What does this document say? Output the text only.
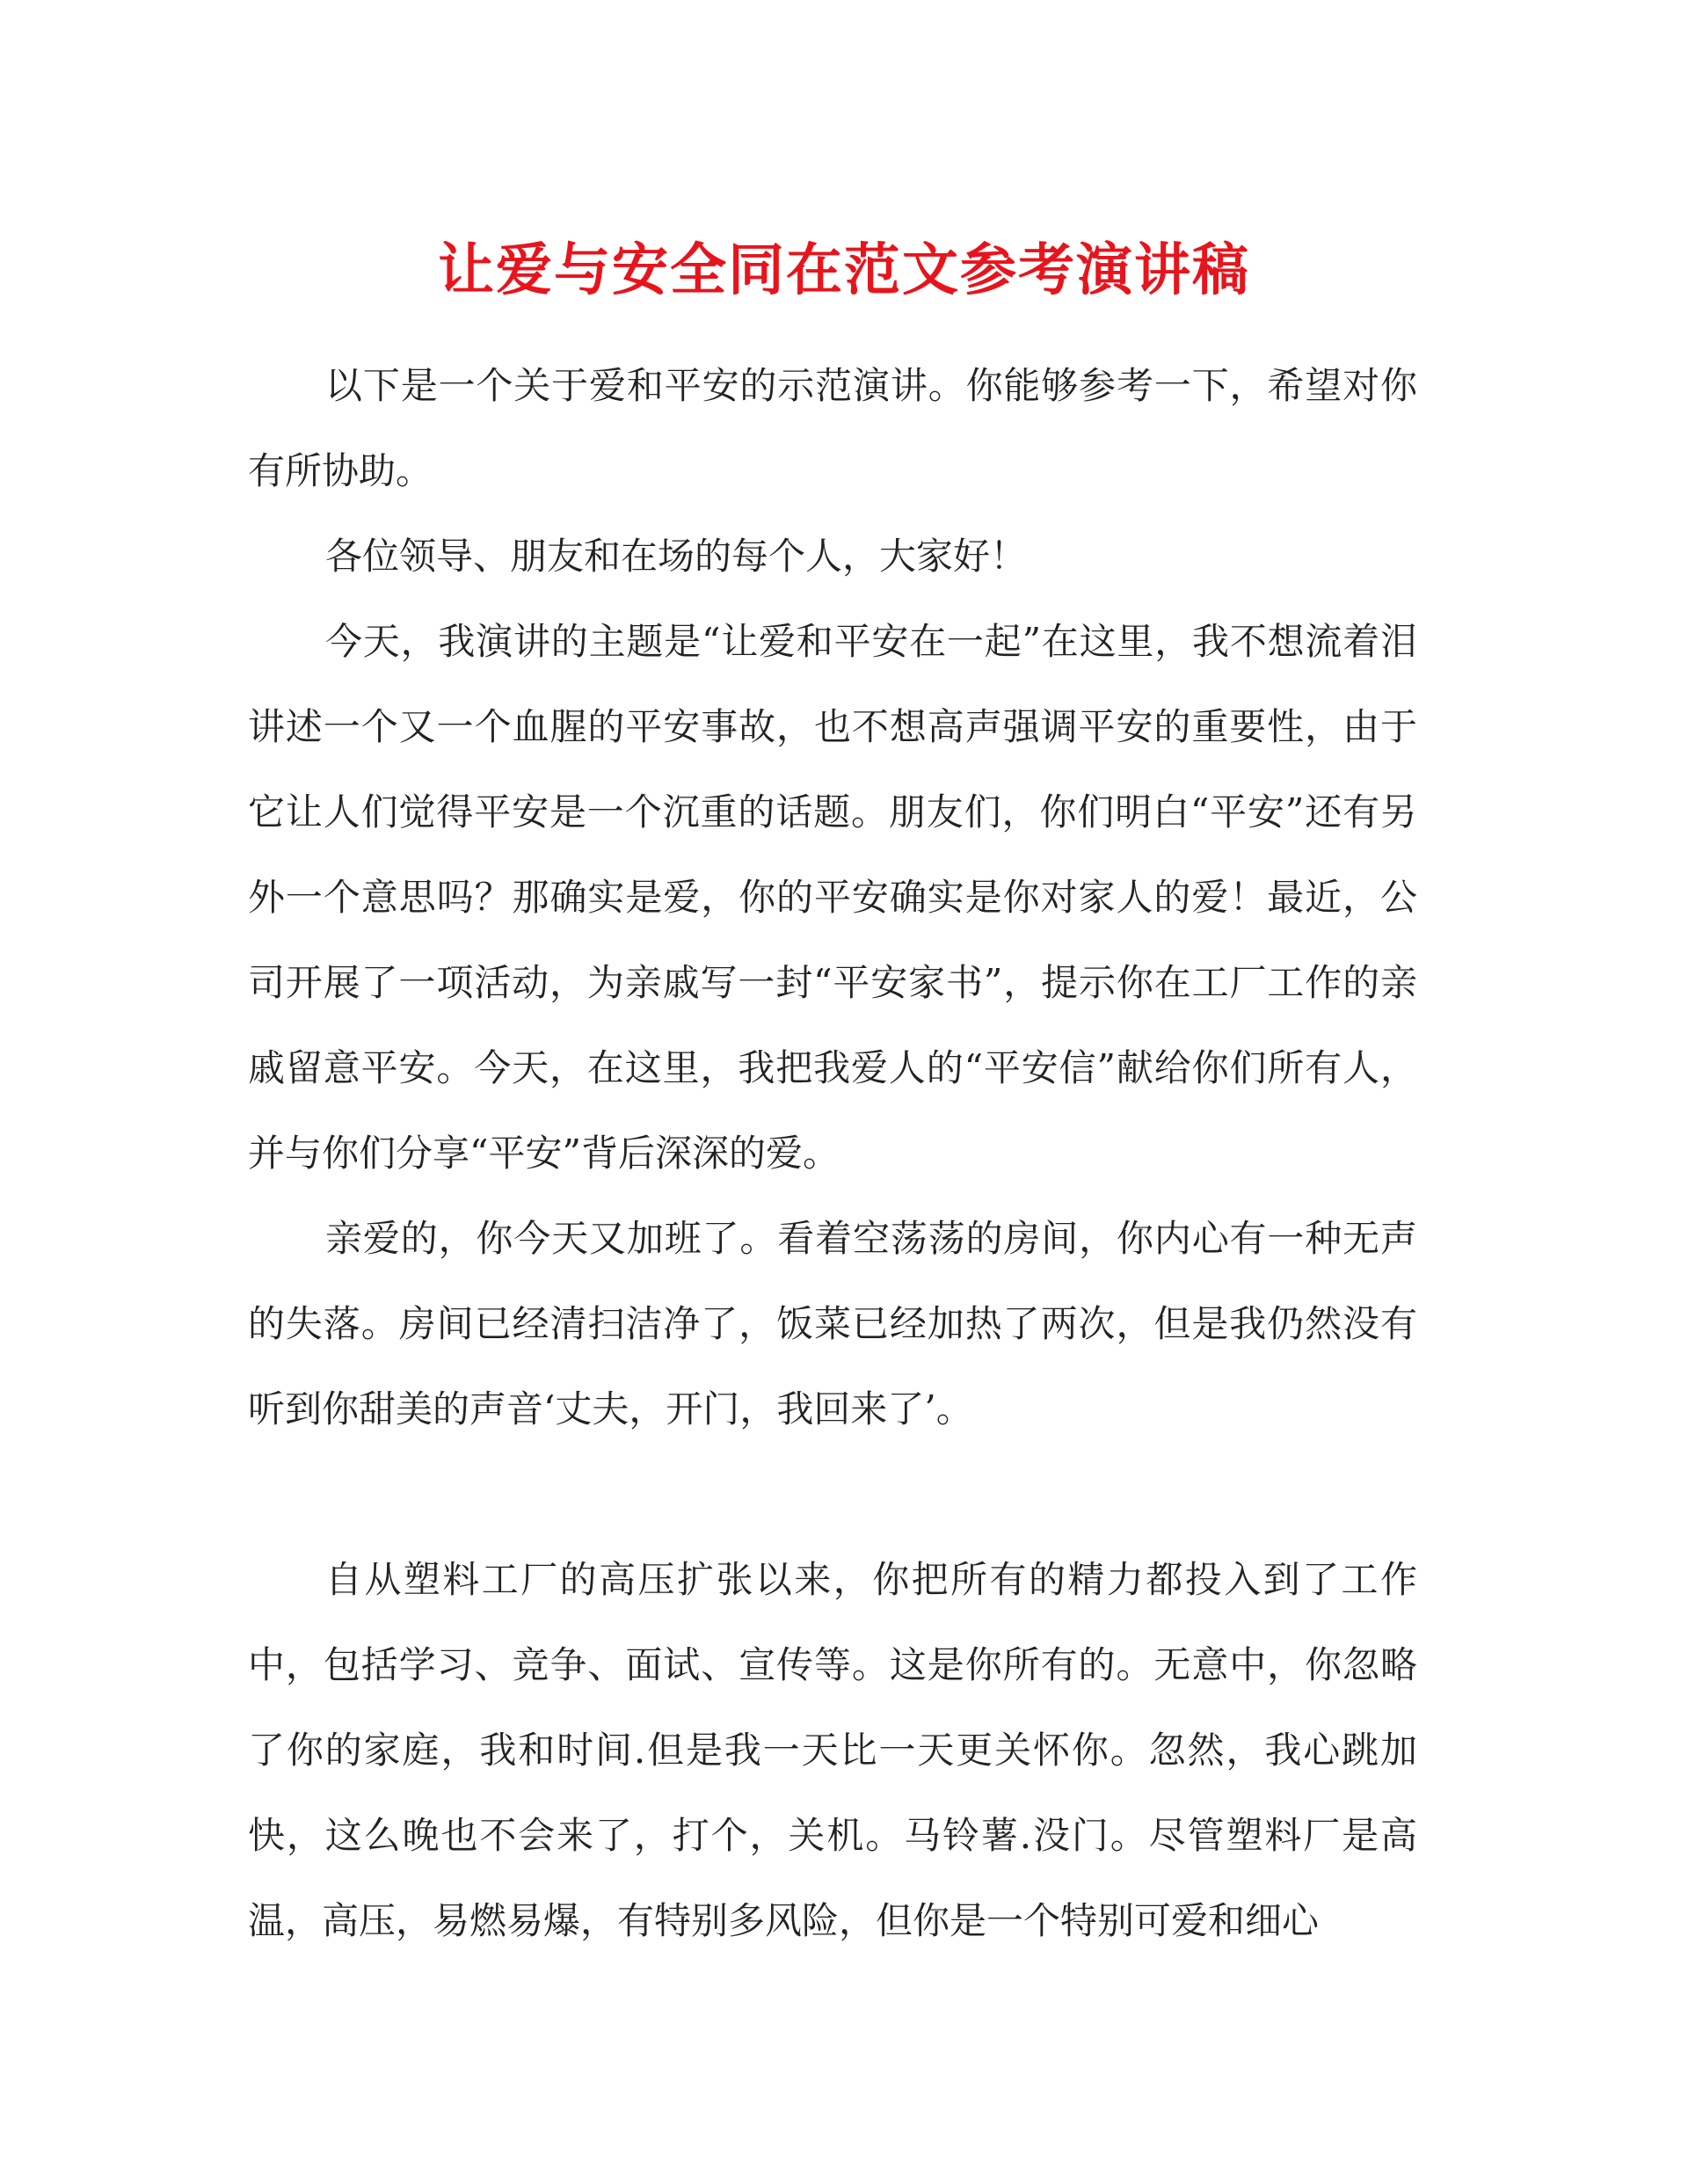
让爱与安全同在范文参考演讲稿

以下是一个关于爱和平安的示范演讲。你能够参考一下，希望对你有所协助。

各位领导、朋友和在场的每个人，大家好！

今天，我演讲的主题是“让爱和平安在一起”在这里，我不想流着泪讲述一个又一个血腥的平安事故，也不想高声强调平安的重要性，由于它让人们觉得平安是一个沉重的话题。朋友们，你们明白“平安”还有另外一个意思吗？那确实是爱，你的平安确实是你对家人的爱！最近，公司开展了一项活动，为亲戚写一封“平安家书”，提示你在工厂工作的亲戚留意平安。今天，在这里，我把我爱人的“平安信”献给你们所有人，并与你们分享“平安”背后深深的爱。

亲爱的，你今天又加班了。看着空荡荡的房间，你内心有一种无声的失落。房间已经清扫洁净了，饭菜已经加热了两次，但是我仍然没有听到你甜美的声音‘丈夫，开门，我回来了’。

自从塑料工厂的高压扩张以来，你把所有的精力都投入到了工作中，包括学习、竞争、面试、宣传等。这是你所有的。无意中，你忽略了你的家庭，我和时间.但是我一天比一天更关怀你。忽然，我心跳加快，这么晚也不会来了，打个，关机。马铃薯.没门。尽管塑料厂是高温，高压，易燃易爆，有特别多风险，但你是一个特别可爱和细心
